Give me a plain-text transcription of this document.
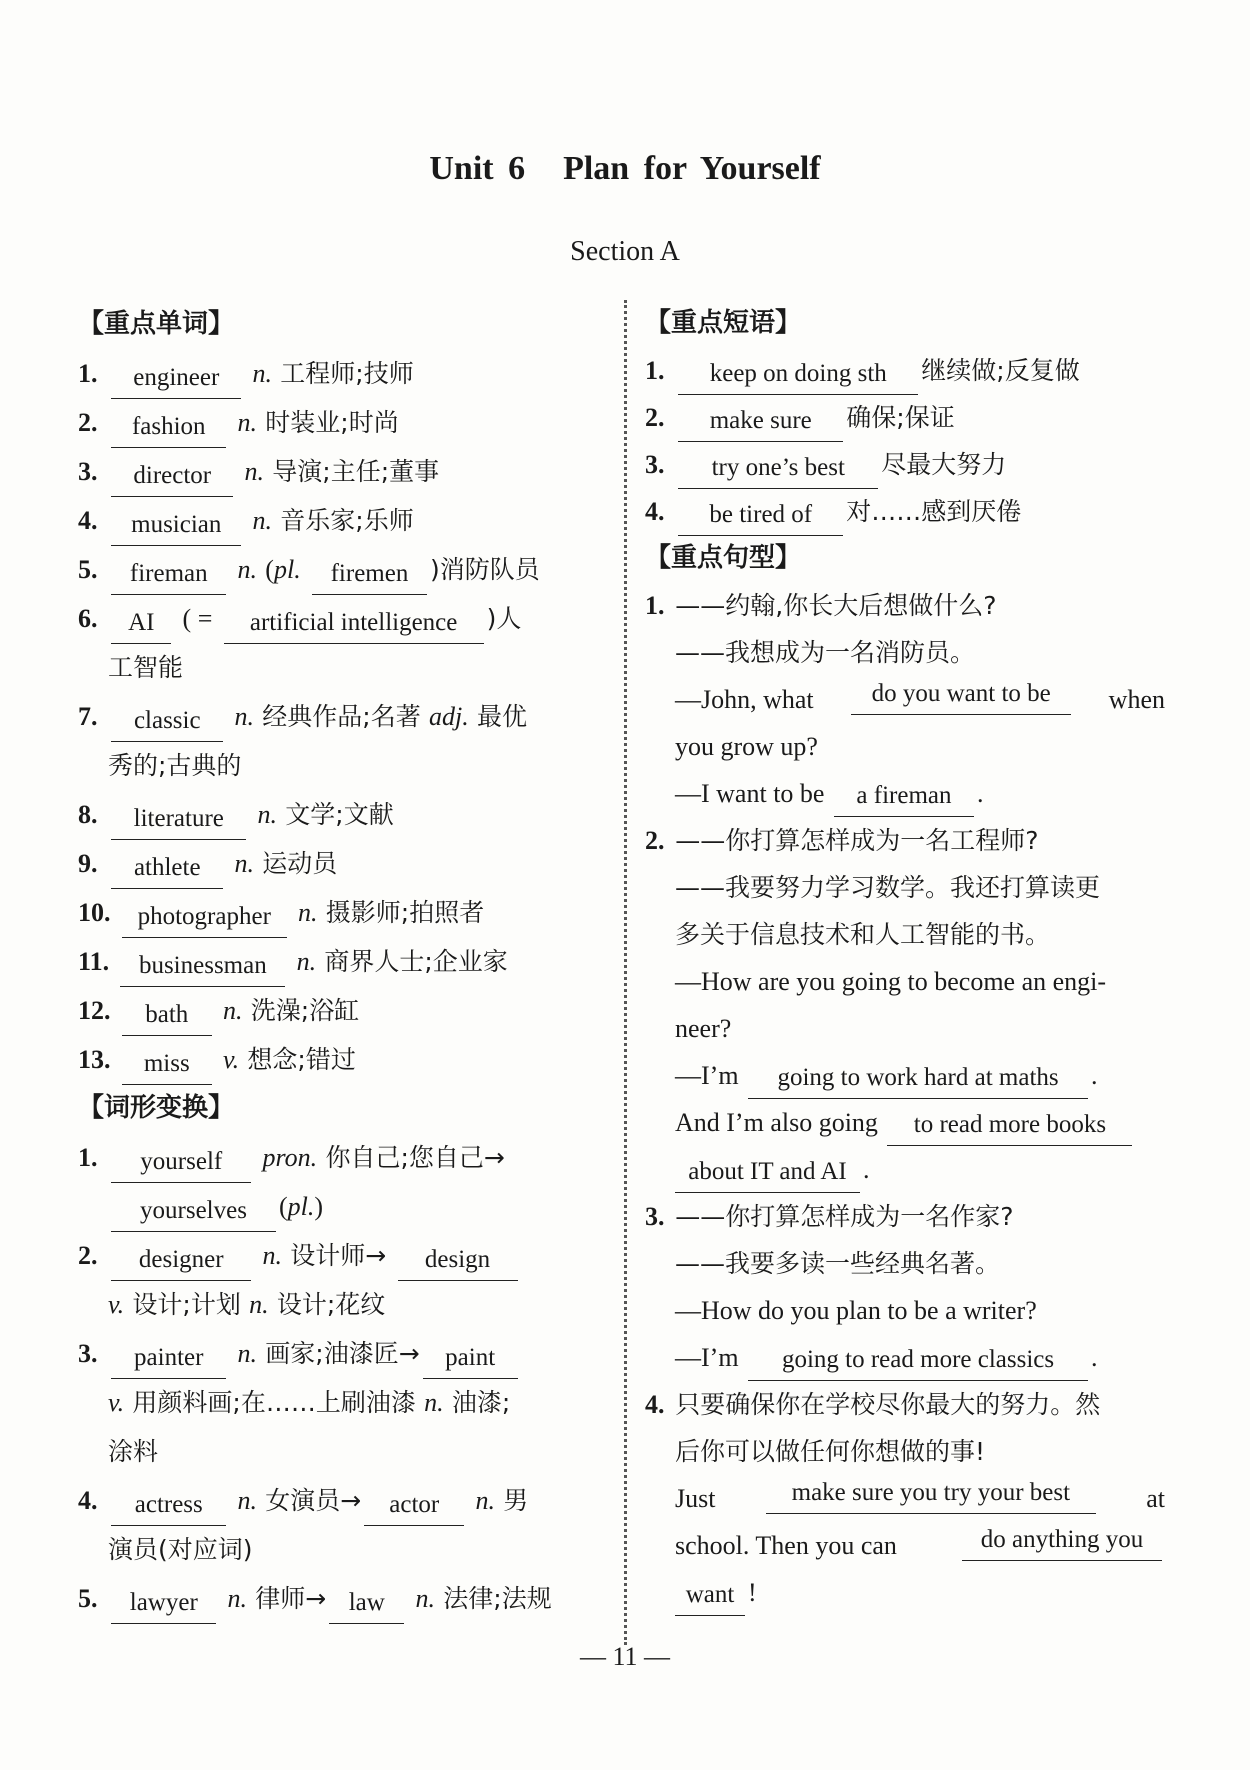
Unit 6 Plan for Yourself
Section A
【重点单词】
1. engineer n. 工程师;技师
2. fashion n. 时装业;时尚
3. director n. 导演;主任;董事
4. musician n. 音乐家;乐师
5. fireman n. (pl. firemen )消防队员
6. AI ( = artificial intelligence )人
工智能
7. classic n. 经典作品;名著 adj. 最优
秀的;古典的
8. literature n. 文学;文献
9. athlete n. 运动员
10. photographer n. 摄影师;拍照者
11. businessman n. 商界人士;企业家
12. bath n. 洗澡;浴缸
13. miss v. 想念;错过
【词形变换】
1. yourself pron. 你自己;您自己→
yourselves (pl.)
2. designer n. 设计师→ design
v. 设计;计划 n. 设计;花纹
3. painter n. 画家;油漆匠→ paint
v. 用颜料画;在……上刷油漆 n. 油漆;
涂料
4. actress n. 女演员→ actor n. 男
演员(对应词)
5. lawyer n. 律师→ law n. 法律;法规
【重点短语】
1. keep on doing sth 继续做;反复做
2. make sure 确保;保证
3. try one’s best 尽最大努力
4. be tired of 对……感到厌倦
【重点句型】
1. ——约翰,你长大后想做什么?
——我想成为一名消防员。
—John, what	do you want to be	when
you grow up?
—I want to be a fireman .
2. ——你打算怎样成为一名工程师?
——我要努力学习数学。我还打算读更
多关于信息技术和人工智能的书。
—How are you going to become an engi-
neer?
—I’m going to work hard at maths .
And I’m also going to read more books
about IT and AI .
3. ——你打算怎样成为一名作家?
——我要多读一些经典名著。
—How do you plan to be a writer?
—I’m going to read more classics .
4. 只要确保你在学校尽你最大的努力。然
后你可以做任何你想做的事!
Just	make sure you try your best	at
school. Then you can	do anything you
want !
— 11 —
